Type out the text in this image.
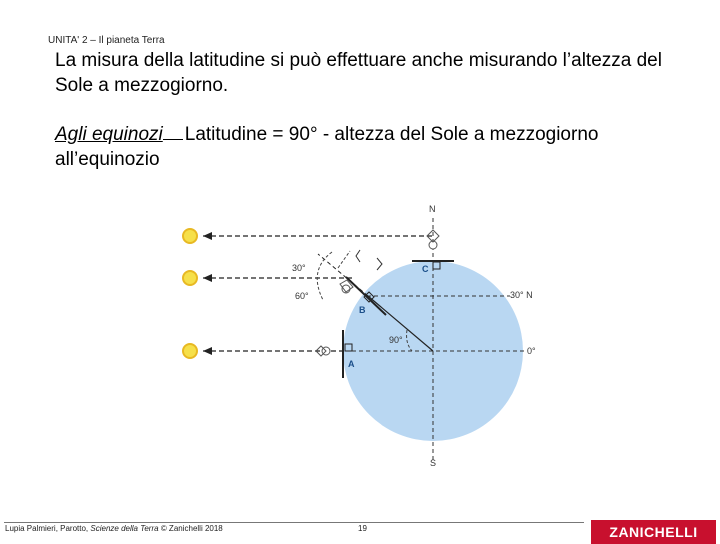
UNITA' 2 – Il pianeta Terra
La misura della latitudine si può effettuare anche misurando l’altezza del Sole a mezzogiorno.
Agli equinozi Latitudine = 90° - altezza del Sole a mezzogiorno all’equinozio
N
S
30° N
0°
A
B
C
30°
60°
90°
Lupia Palmieri, Parotto, Scienze della Terra © Zanichelli 2018	19	ZANICHELLI
